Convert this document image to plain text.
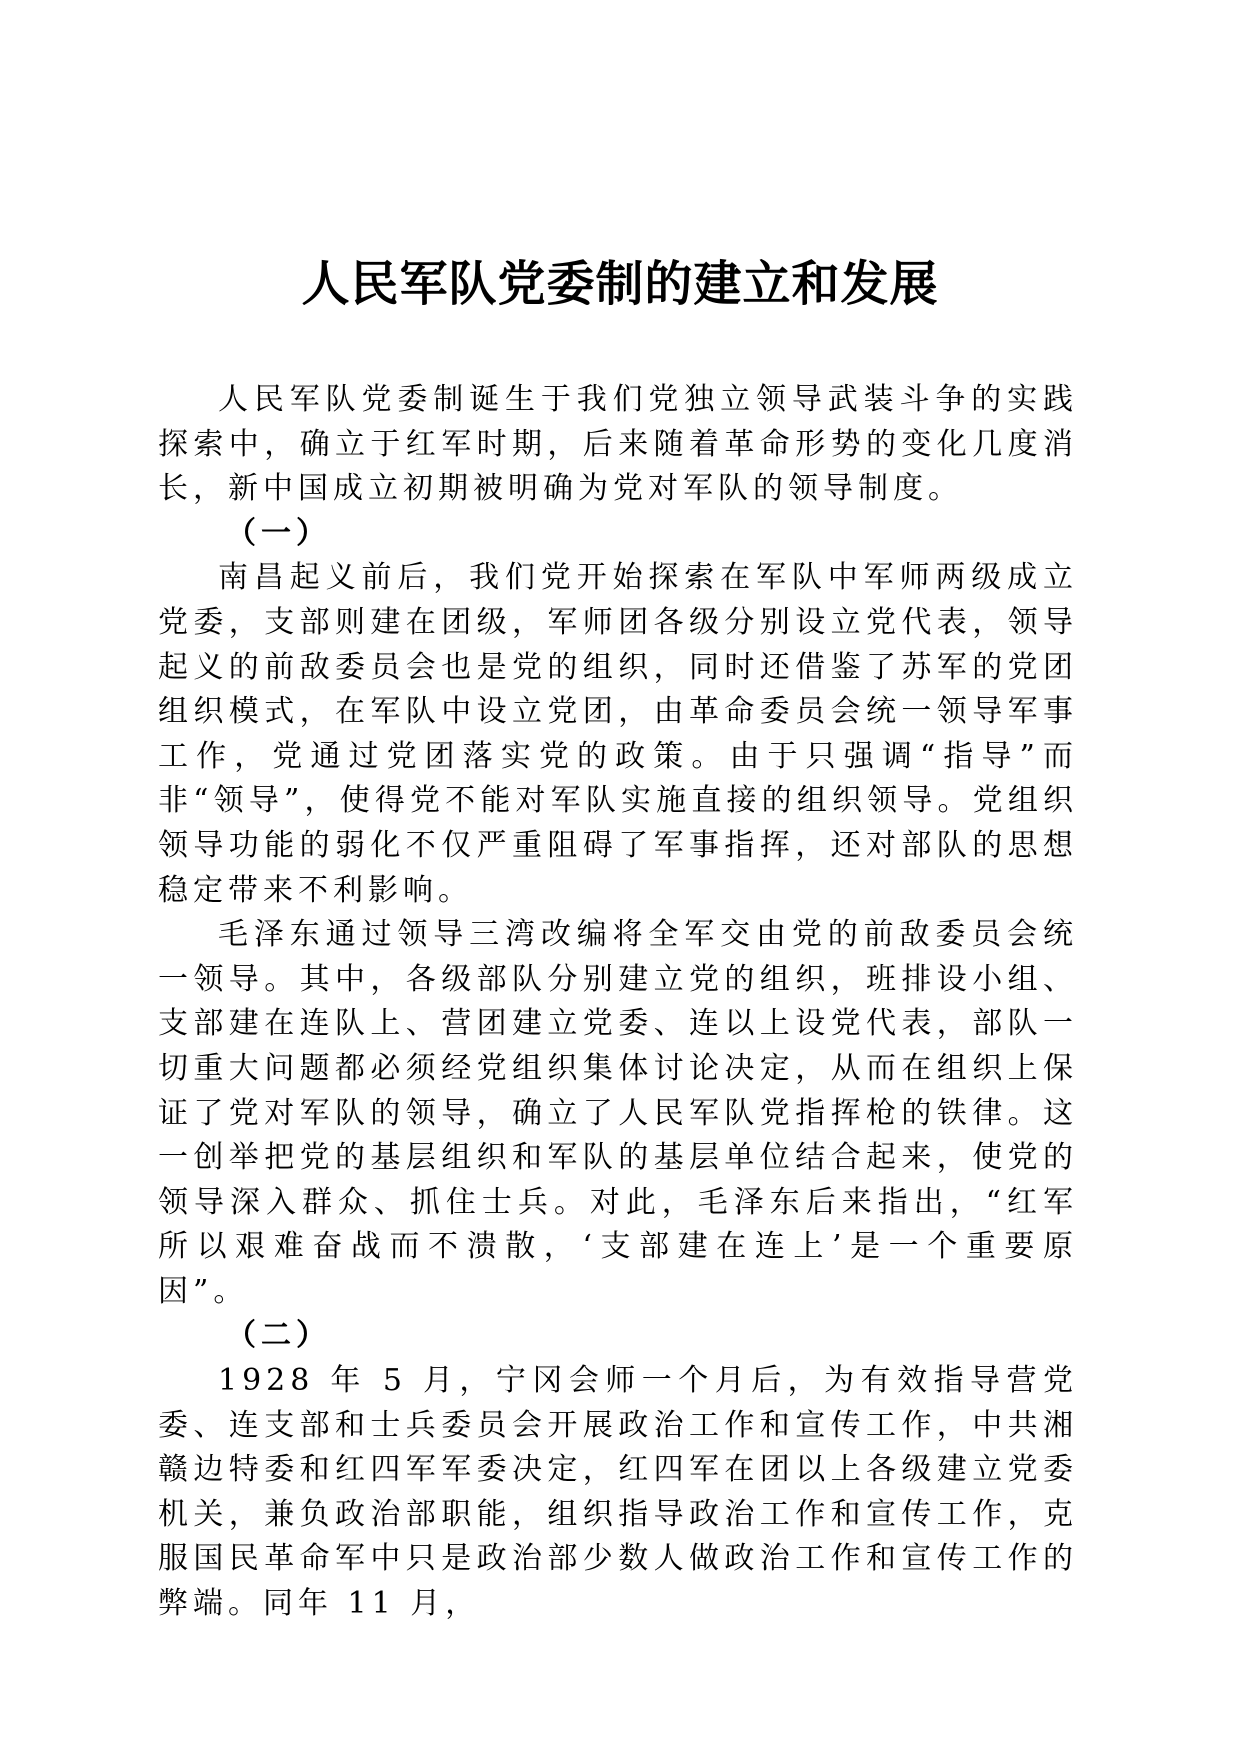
人民军队党委制的建立和发展

人民军队党委制诞生于我们党独立领导武装斗争的实践探索中，确立于红军时期，后来随着革命形势的变化几度消长，新中国成立初期被明确为党对军队的领导制度。

（一）

南昌起义前后，我们党开始探索在军队中军师两级成立党委，支部则建在团级，军师团各级分别设立党代表，领导起义的前敌委员会也是党的组织，同时还借鉴了苏军的党团组织模式，在军队中设立党团，由革命委员会统一领导军事工作，党通过党团落实党的政策。由于只强调“指导”而非“领导”，使得党不能对军队实施直接的组织领导。党组织领导功能的弱化不仅严重阻碍了军事指挥，还对部队的思想稳定带来不利影响。

毛泽东通过领导三湾改编将全军交由党的前敌委员会统一领导。其中，各级部队分别建立党的组织，班排设小组、支部建在连队上、营团建立党委、连以上设党代表，部队一切重大问题都必须经党组织集体讨论决定，从而在组织上保证了党对军队的领导，确立了人民军队党指挥枪的铁律。这一创举把党的基层组织和军队的基层单位结合起来，使党的领导深入群众、抓住士兵。对此，毛泽东后来指出，“红军所以艰难奋战而不溃散，‘支部建在连上’是一个重要原因”。

（二）

1928 年 5 月，宁冈会师一个月后，为有效指导营党委、连支部和士兵委员会开展政治工作和宣传工作，中共湘赣边特委和红四军军委决定，红四军在团以上各级建立党委机关，兼负政治部职能，组织指导政治工作和宣传工作，克服国民革命军中只是政治部少数人做政治工作和宣传工作的弊端。同年 11 月，
